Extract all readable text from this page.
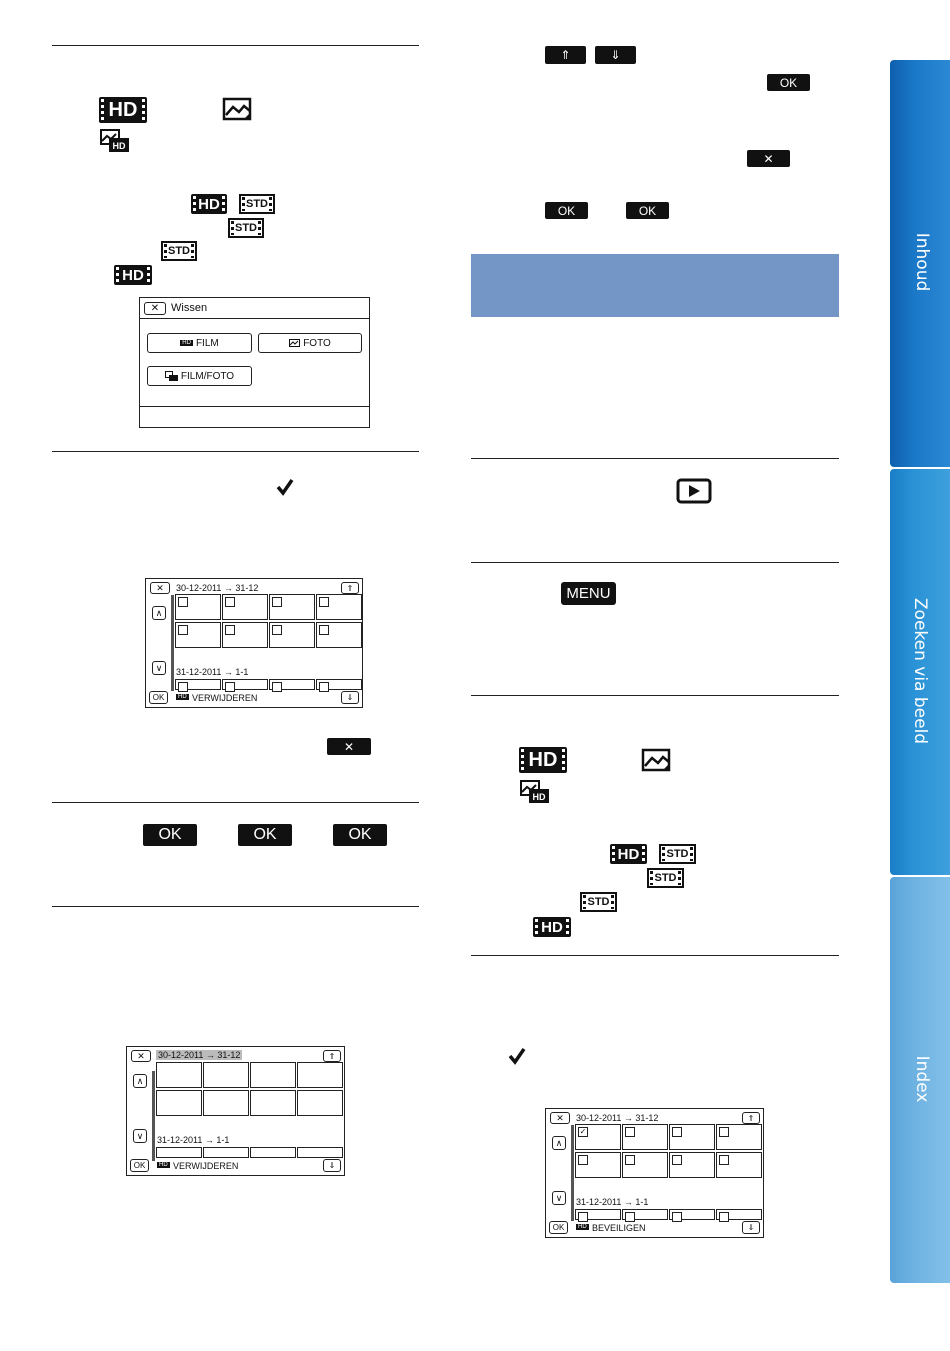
HD
HD
HD STD
STD
STD
HD
✕	Wissen
HD FILM	FOTO
FILM/FOTO
✕	30-12-2011 → 31-12	⇑
∧
∨	31-12-2011 → 1-1
OK	HD VERWIJDEREN	⇓
✕
OK	OK	OK
✕	30-12-2011 → 31-12	⇑
∧
∨	31-12-2011 → 1-1
OK	HD VERWIJDEREN	⇓
⇑	⇓
OK
✕
OK	OK
MENU
HD
HD
HD STD
STD
STD
HD
✕	30-12-2011 → 31-12	⇑
∧
∨
✓
31-12-2011 → 1-1
OK	HD BEVEILIGEN	⇓
Inhoud
Zoeken via beeld
Index
